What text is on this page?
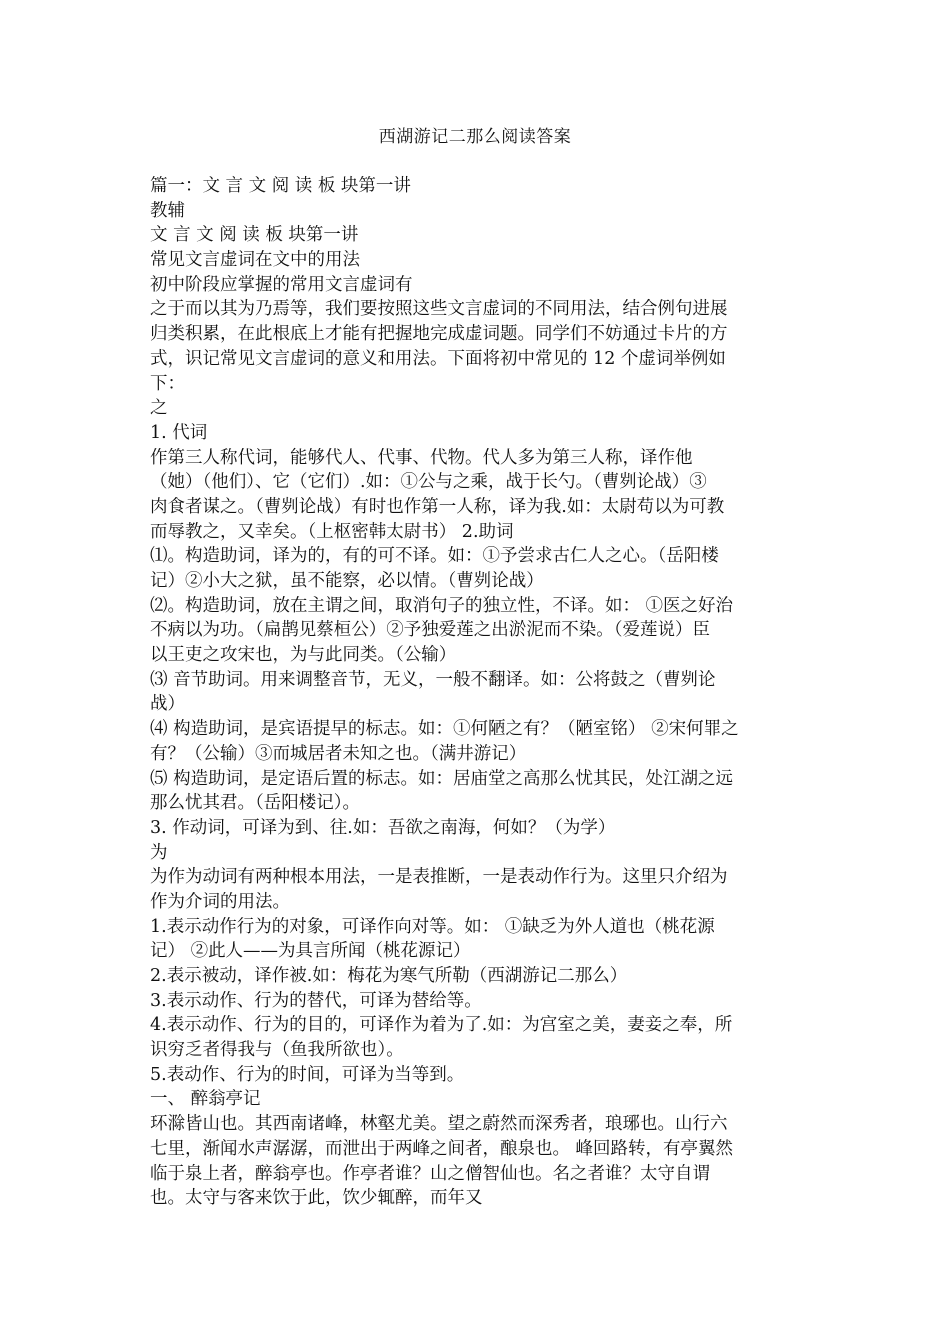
西湖游记二那么阅读答案
篇一：文 言 文 阅 读 板 块第一讲
教辅
文 言 文 阅 读 板 块第一讲
常见文言虚词在文中的用法
初中阶段应掌握的常用文言虚词有
之于而以其为乃焉等，我们要按照这些文言虚词的不同用法，结合例句进展
归类积累，在此根底上才能有把握地完成虚词题。同学们不妨通过卡片的方
式，识记常见文言虚词的意义和用法。下面将初中常见的 12 个虚词举例如
下：
之
1. 代词
作第三人称代词，能够代人、代事、代物。代人多为第三人称，译作他
（她）（他们）、它（它们）.如：①公与之乘，战于长勺。（曹刿论战）③
肉食者谋之。（曹刿论战）有时也作第一人称，译为我.如：太尉苟以为可教
而辱教之，又幸矣。（上枢密韩太尉书） 2.助词
⑴。构造助词，译为的，有的可不译。如：①予尝求古仁人之心。（岳阳楼
记）②小大之狱，虽不能察，必以情。（曹刿论战）
⑵。构造助词，放在主谓之间，取消句子的独立性，不译。如： ①医之好治
不病以为功。（扁鹊见蔡桓公）②予独爱莲之出淤泥而不染。（爱莲说）臣
以王吏之攻宋也，为与此同类。（公输）
⑶ 音节助词。用来调整音节，无义，一般不翻译。如：公将鼓之（曹刿论
战）
⑷ 构造助词，是宾语提早的标志。如：①何陋之有？（陋室铭） ②宋何罪之
有？（公输）③而城居者未知之也。（满井游记）
⑸ 构造助词，是定语后置的标志。如：居庙堂之高那么忧其民，处江湖之远
那么忧其君。（岳阳楼记）。
3. 作动词，可译为到、往.如：吾欲之南海，何如？（为学）
为
为作为动词有两种根本用法，一是表推断，一是表动作行为。这里只介绍为
作为介词的用法。
1.表示动作行为的对象，可译作向对等。如： ①缺乏为外人道也（桃花源
记） ②此人——为具言所闻（桃花源记）
2.表示被动，译作被.如：梅花为寒气所勒（西湖游记二那么）
3.表示动作、行为的替代，可译为替给等。
4.表示动作、行为的目的，可译作为着为了.如：为宫室之美，妻妾之奉，所
识穷乏者得我与（鱼我所欲也）。
5.表动作、行为的时间，可译为当等到。
一、 醉翁亭记
环滁皆山也。其西南诸峰，林壑尤美。望之蔚然而深秀者，琅琊也。山行六
七里，渐闻水声潺潺，而泄出于两峰之间者，酿泉也。 峰回路转，有亭翼然
临于泉上者，醉翁亭也。作亭者谁？山之僧智仙也。名之者谁？太守自谓
也。太守与客来饮于此，饮少辄醉，而年又
